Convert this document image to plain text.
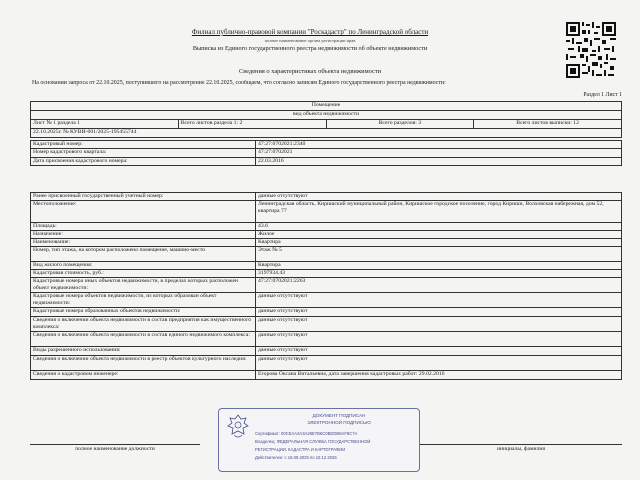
Филиал публично-правовой компании "Роскадастр" по Ленинградской области
полное наименование органа регистрации прав
Выписка из Единого государственного реестра недвижимости об объекте недвижимости
Сведения о характеристиках объекта недвижимости
На основании запроса от 22.10.2025, поступившего на рассмотрение 22.10.2025, сообщаем, что согласно записям Единого государственного реестра недвижимости:
Раздел 1 Лист 1
Помещение
вид объекта недвижимости
Лист № 1 раздела 1	Всего листов раздела 1: 2	Всего разделов: 3	Всего листов выписки: 12
22.10.2025г. № КУВИ-001/2025-195455744
Кадастровый номер:	47:27:0702021:2340
Номер кадастрового квартала:	47:27:0702021
Дата присвоения кадастрового номера:	22.03.2016
Ранее присвоенный государственный учетный номер:	данные отсутствуют
Местоположение:	Ленинградская область, Киришский муниципальный район, Киришское городское поселение, город Кириши, Волховская набережная, дом 52, квартира 77
Площадь:	43.6
Назначение:	Жилое
Наименование:	Квартира
Номер, тип этажа, на котором расположено помещение, машино-место	Этаж № 5
Вид жилого помещения:	Квартира
Кадастровая стоимость, руб.:	3197934.43
Кадастровые номера иных объектов недвижимости, в пределах которых расположен объект недвижимости:	47:27:0702021:2263
Кадастровые номера объектов недвижимости, из которых образован объект недвижимости:	данные отсутствуют
Кадастровые номера образованных объектов недвижимости:	данные отсутствуют
Сведения о включении объекта недвижимости в состав предприятия как имущественного комплекса:	данные отсутствуют
Сведения о включении объекта недвижимости в состав единого недвижимого комплекса:	данные отсутствуют
Виды разрешенного использования:	данные отсутствуют
Сведения о включении объекта недвижимости в реестр объектов культурного наследия:	данные отсутствуют
Сведения о кадастровом инженере:	Егорова Оксана Витальевна, дата завершения кадастровых работ: 29.02.2016
полное наименование должности	инициалы, фамилия
ДОКУМЕНТ ПОДПИСАН
ЭЛЕКТРОННОЙ ПОДПИСЬЮ
Сертификат: 00CEAA2A3A28E7B6C0BDDB8AF8C7A
Владелец: ФЕДЕРАЛЬНАЯ СЛУЖБА ГОСУДАРСТВЕННОЙ
РЕГИСТРАЦИИ, КАДАСТРА И КАРТОГРАФИИ
Действителен: с 16.09.2025 по 10.12.2026
